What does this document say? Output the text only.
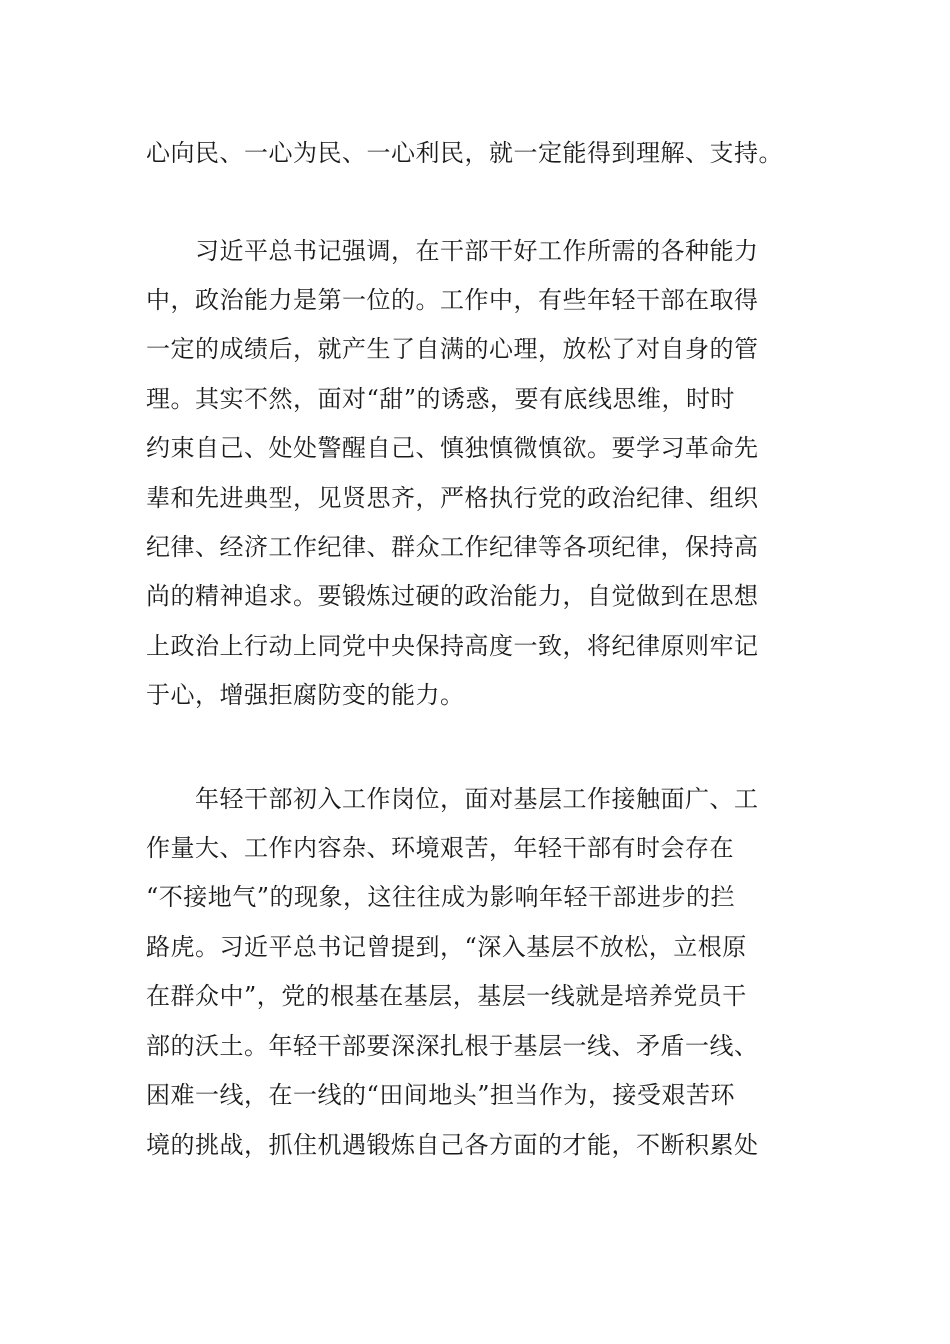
心向民、一心为民、一心利民，就一定能得到理解、支持。
　　习近平总书记强调，在干部干好工作所需的各种能力
中，政治能力是第一位的。工作中，有些年轻干部在取得
一定的成绩后，就产生了自满的心理，放松了对自身的管
理。其实不然，面对“甜”的诱惑，要有底线思维，时时
约束自己、处处警醒自己、慎独慎微慎欲。要学习革命先
辈和先进典型，见贤思齐，严格执行党的政治纪律、组织
纪律、经济工作纪律、群众工作纪律等各项纪律，保持高
尚的精神追求。要锻炼过硬的政治能力，自觉做到在思想
上政治上行动上同党中央保持高度一致，将纪律原则牢记
于心，增强拒腐防变的能力。
　　年轻干部初入工作岗位，面对基层工作接触面广、工
作量大、工作内容杂、环境艰苦，年轻干部有时会存在
“不接地气”的现象，这往往成为影响年轻干部进步的拦
路虎。习近平总书记曾提到，“深入基层不放松，立根原
在群众中”，党的根基在基层，基层一线就是培养党员干
部的沃土。年轻干部要深深扎根于基层一线、矛盾一线、
困难一线，在一线的“田间地头”担当作为，接受艰苦环
境的挑战，抓住机遇锻炼自己各方面的才能，不断积累处
